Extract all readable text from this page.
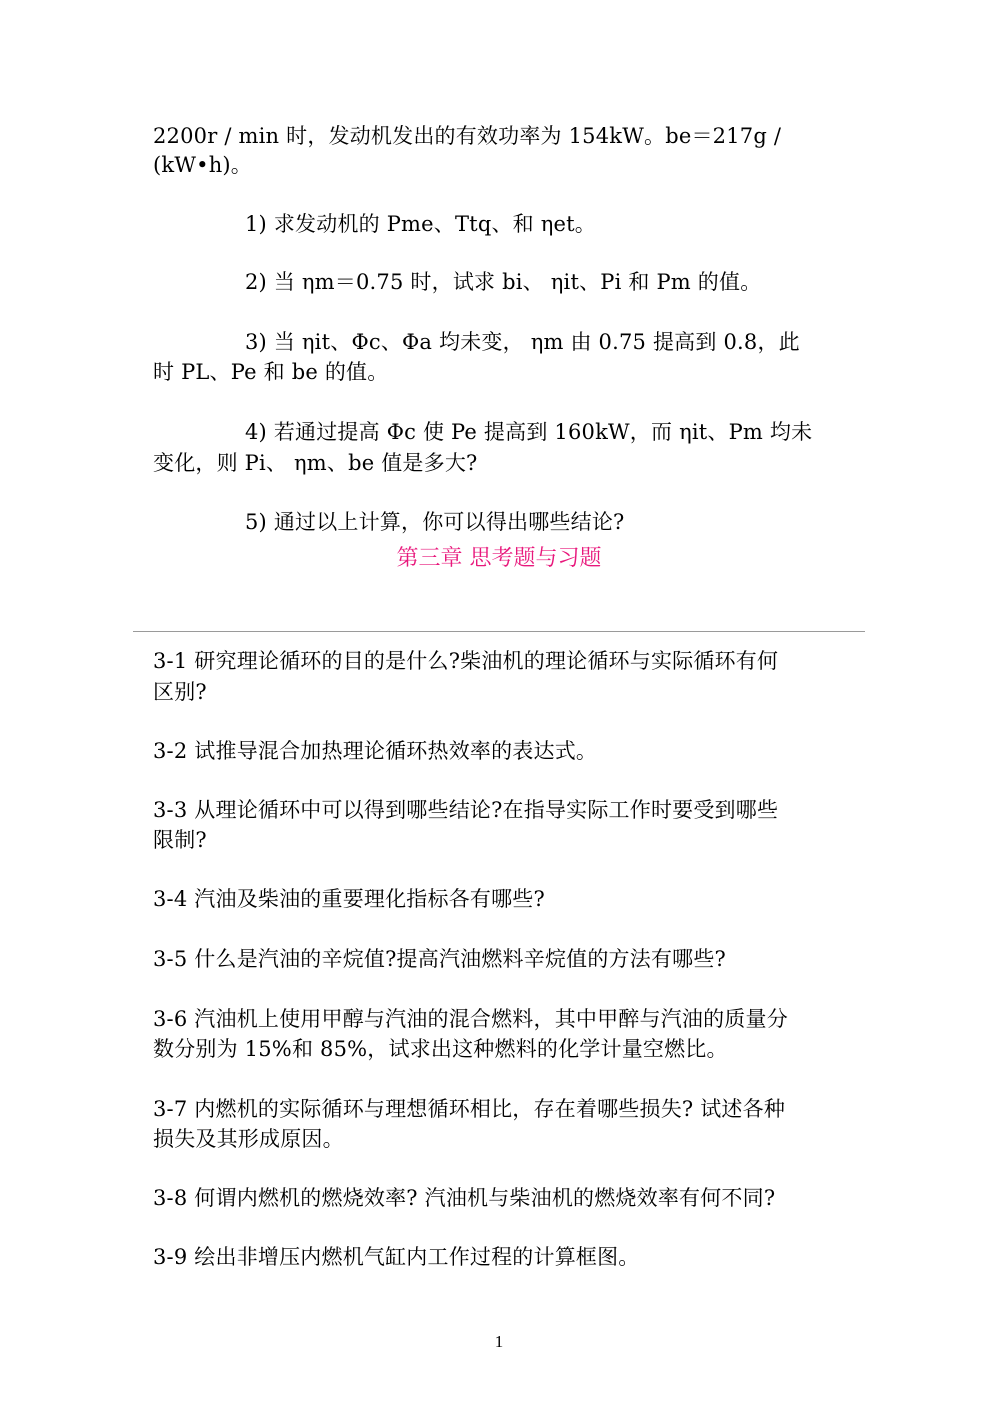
2200r / min 时，发动机发出的有效功率为 154kW。be＝217g /
(kW•h)。
1) 求发动机的 Pme、Ttq、和 ηet。
2) 当 ηm＝0.75 时，试求 bi、 ηit、Pi 和 Pm 的值。
3) 当 ηit、Φc、Φa 均未变， ηm 由 0.75 提高到 0.8，此
时 PL、Pe 和 be 的值。
4) 若通过提高 Φc 使 Pe 提高到 160kW，而 ηit、Pm 均未
变化，则 Pi、 ηm、be 值是多大?
5) 通过以上计算，你可以得出哪些结论?
第三章 思考题与习题
3-1 研究理论循环的目的是什么?柴油机的理论循环与实际循环有何
区别?
3-2 试推导混合加热理论循环热效率的表达式。
3-3 从理论循环中可以得到哪些结论?在指导实际工作时要受到哪些
限制?
3-4 汽油及柴油的重要理化指标各有哪些?
3-5 什么是汽油的辛烷值?提高汽油燃料辛烷值的方法有哪些?
3-6 汽油机上使用甲醇与汽油的混合燃料，其中甲醉与汽油的质量分
数分别为 15%和 85%，试求出这种燃料的化学计量空燃比。
3-7 内燃机的实际循环与理想循环相比，存在着哪些损失? 试述各种
损失及其形成原因。
3-8 何谓内燃机的燃烧效率? 汽油机与柴油机的燃烧效率有何不同?
3-9 绘出非增压内燃机气缸内工作过程的计算框图。
1
